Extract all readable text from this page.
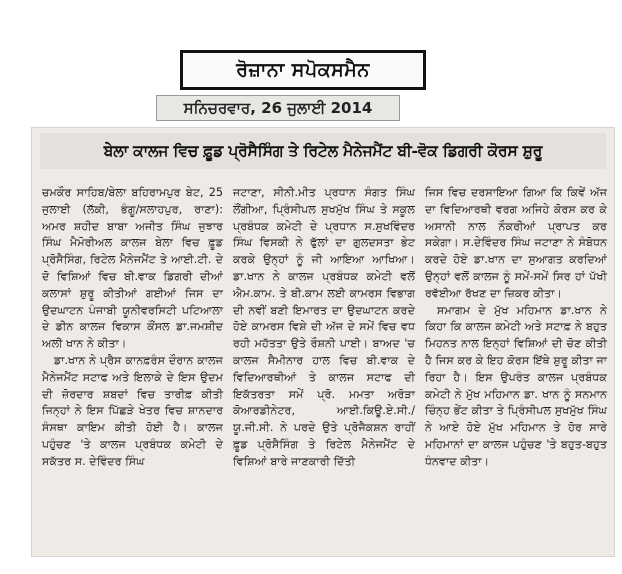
ਰੋਜ਼ਾਨਾ ਸਪੋਕਸਮੈਨ
ਸਨਿਚਰਵਾਰ, 26 ਜੁਲਾਈ 2014
ਬੇਲਾ ਕਾਲਜ ਵਿਚ ਫ਼ੂਡ ਪ੍ਰੋਸੈਸਿੰਗ ਤੇ ਰਿਟੇਲ ਮੈਨੇਜਮੈਂਟ ਬੀ-ਵੋਕ ਡਿਗਰੀ ਕੋਰਸ ਸ਼ੁਰੂ

ਚਮਕੌਰ ਸਾਹਿਬ/ਬੇਲਾ ਬਹਿਰਾਮਪੁਰ ਬੇਟ, 25 ਜੁਲਾਈ (ਲੱਕੀ, ਭੰਗੂ/ਸਲਾਹਪੁਰ, ਰਾਣਾ): ਅਮਰ ਸ਼ਹੀਦ ਬਾਬਾ ਅਜੀਤ ਸਿੰਘ ਜੁਝਾਰ ਸਿੰਘ ਮੈਮੋਰੀਅਲ ਕਾਲਜ ਬੇਲਾ ਵਿਚ ਫ਼ੂਡ ਪ੍ਰੋਸੈਸਿੰਗ, ਰਿਟੇਲ ਮੈਨੇਜਮੈਂਟ ਤੇ ਆਈ.ਟੀ. ਦੇ ਦੋ ਵਿਸ਼ਿਆਂ ਵਿਚ ਬੀ.ਵਾਕ ਡਿਗਰੀ ਦੀਆਂ ਕਲਾਸਾਂ ਸ਼ੁਰੂ ਕੀਤੀਆਂ ਗਈਆਂ ਜਿਸ ਦਾ ਉਦਘਾਟਨ ਪੰਜਾਬੀ ਯੂਨੀਵਰਸਿਟੀ ਪਟਿਆਲਾ ਦੇ ਡੀਨ ਕਾਲਜ ਵਿਕਾਸ ਕੌਂਸਲ ਡਾ.ਜਮਸ਼ੀਦ ਅਲੀ ਖਾਨ ਨੇ ਕੀਤਾ।

ਡਾ.ਖਾਨ ਨੇ ਪ੍ਰੈਸ ਕਾਨਫ਼ਰੰਸ ਦੌਰਾਨ ਕਾਲਜ ਮੈਨੇਜਮੈਂਟ ਸਟਾਫ ਅਤੇ ਇਲਾਕੇ ਦੇ ਇਸ ਉਦਮ ਦੀ ਜ਼ੋਰਦਾਰ ਸ਼ਬਦਾਂ ਵਿਚ ਤਾਰੀਫ਼ ਕੀਤੀ ਜਿਨ੍ਹਾਂ ਨੇ ਇਸ ਪਿੱਛੜੇ ਖੇਤਰ ਵਿਚ ਸ਼ਾਨਦਾਰ ਸੰਸਥਾ ਕਾਇਮ ਕੀਤੀ ਹੋਈ ਹੈ। ਕਾਲਜ ਪਹੁੰਚਣ 'ਤੇ ਕਾਲਜ ਪ੍ਰਬੰਧਕ ਕਮੇਟੀ ਦੇ ਸਕੱਤਰ ਸ. ਦੇਵਿੰਦਰ ਸਿੰਘ

ਜਟਾਣਾ, ਸੀਨੀ.ਮੀਤ ਪ੍ਰਧਾਨ ਸੰਗਤ ਸਿੰਘ ਲੌਂਗੀਆ, ਪ੍ਰਿੰਸੀਪਲ ਸੁਖਮੁੱਖ ਸਿੰਘ ਤੇ ਸਕੂਲ ਪ੍ਰਬੰਧਕ ਕਮੇਟੀ ਦੇ ਪ੍ਰਧਾਨ ਸ.ਸੁਖਵਿੰਦਰ ਸਿੰਘ ਵਿਸਕੀ ਨੇ ਫੁੱਲਾਂ ਦਾ ਗੁਲਦਸਤਾ ਭੇਟ ਕਰਕੇ ਉਨ੍ਹਾਂ ਨੂੰ ਜੀ ਆਇਆ ਆਖਿਆ। ਡਾ.ਖਾਨ ਨੇ ਕਾਲਜ ਪ੍ਰਬੰਧਕ ਕਮੇਟੀ ਵਲੋਂ ਐਮ.ਕਾਮ. ਤੇ ਬੀ.ਕਾਮ ਲਈ ਕਾਮਰਸ ਵਿਭਾਗ ਦੀ ਨਵੀਂ ਬਣੀ ਇਮਾਰਤ ਦਾ ਉਦਘਾਟਨ ਕਰਦੇ ਹੋਏ ਕਾਮਰਸ ਵਿਸ਼ੇ ਦੀ ਅੱਜ ਦੇ ਸਮੇਂ ਵਿਚ ਵਧ ਰਹੀ ਮਹੱਤਤਾ ਉਤੇ ਰੌਸ਼ਨੀ ਪਾਈ। ਬਾਅਦ 'ਚ ਕਾਲਜ ਸੈਮੀਨਾਰ ਹਾਲ ਵਿਚ ਬੀ.ਵਾਕ ਦੇ ਵਿਦਿਆਰਥੀਆਂ ਤੇ ਕਾਲਜ ਸਟਾਫ ਦੀ ਇਕੱਤਰਤਾ ਸਮੇਂ ਪ੍ਰੋ. ਮਮਤਾ ਅਰੋੜਾ ਕੋਆਰਡੀਨੇਟਰ, ਆਈ.ਕਿਊ.ਏ.ਸੀ./ਯੂ.ਜੀ.ਸੀ. ਨੇ ਪਰਦੇ ਉਤੇ ਪ੍ਰੋਜੈਕਸ਼ਨ ਰਾਹੀਂ ਫ਼ੂਡ ਪ੍ਰੋਸੈਸਿੰਗ ਤੇ ਰਿਟੇਲ ਮੈਨੇਜਮੈਂਟ ਦੇ ਵਿਸ਼ਿਆਂ ਬਾਰੇ ਜਾਣਕਾਰੀ ਦਿੱਤੀ

ਜਿਸ ਵਿਚ ਦਰਸਾਇਆ ਗਿਆ ਕਿ ਕਿਵੇਂ ਅੱਜ ਦਾ ਵਿਦਿਆਰਥੀ ਵਰਗ ਅਜਿਹੇ ਕੋਰਸ ਕਰ ਕੇ ਅਸਾਨੀ ਨਾਲ ਨੌਕਰੀਆਂ ਪ੍ਰਾਪਤ ਕਰ ਸਕੇਗਾ। ਸ.ਦੇਵਿੰਦਰ ਸਿੰਘ ਜਟਾਣਾ ਨੇ ਸੰਬੋਧਨ ਕਰਦੇ ਹੋਏ ਡਾ.ਖਾਨ ਦਾ ਸੁਆਗਤ ਕਰਦਿਆਂ ਉਨ੍ਹਾਂ ਵਲੋਂ ਕਾਲਜ ਨੂੰ ਸਮੇਂ-ਸਮੇਂ ਸਿਰ ਹਾਂ ਪੱਖੀ ਰਵੱਈਆ ਰੱਖਣ ਦਾ ਜ਼ਿਕਰ ਕੀਤਾ।

ਸਮਾਗਮ ਦੇ ਮੁੱਖ ਮਹਿਮਾਨ ਡਾ.ਖਾਨ ਨੇ ਕਿਹਾ ਕਿ ਕਾਲਜ ਕਮੇਟੀ ਅਤੇ ਸਟਾਫ਼ ਨੇ ਬਹੁਤ ਮਿਹਨਤ ਨਾਲ ਇਨ੍ਹਾਂ ਵਿਸ਼ਿਆਂ ਦੀ ਚੋਣ ਕੀਤੀ ਹੈ ਜਿਸ ਕਰ ਕੇ ਇਹ ਕੋਰਸ ਇੱਥੇ ਸ਼ੁਰੂ ਕੀਤਾ ਜਾ ਰਿਹਾ ਹੈ। ਇਸ ਉਪਰੰਤ ਕਾਲਜ ਪ੍ਰਬੰਧਕ ਕਮੇਟੀ ਨੇ ਮੁੱਖ ਮਹਿਮਾਨ ਡਾ. ਖਾਨ ਨੂੰ ਸਨਮਾਨ ਚਿੰਨ੍ਹ ਭੇਂਟ ਕੀਤਾ ਤੇ ਪ੍ਰਿੰਸੀਪਲ ਸੁਖਮੁੱਖ ਸਿੰਘ ਨੇ ਆਏ ਹੋਏ ਮੁੱਖ ਮਹਿਮਾਨ ਤੇ ਹੋਰ ਸਾਰੇ ਮਹਿਮਾਨਾਂ ਦਾ ਕਾਲਜ ਪਹੁੰਚਣ 'ਤੇ ਬਹੁਤ-ਬਹੁਤ ਧੰਨਵਾਦ ਕੀਤਾ।
